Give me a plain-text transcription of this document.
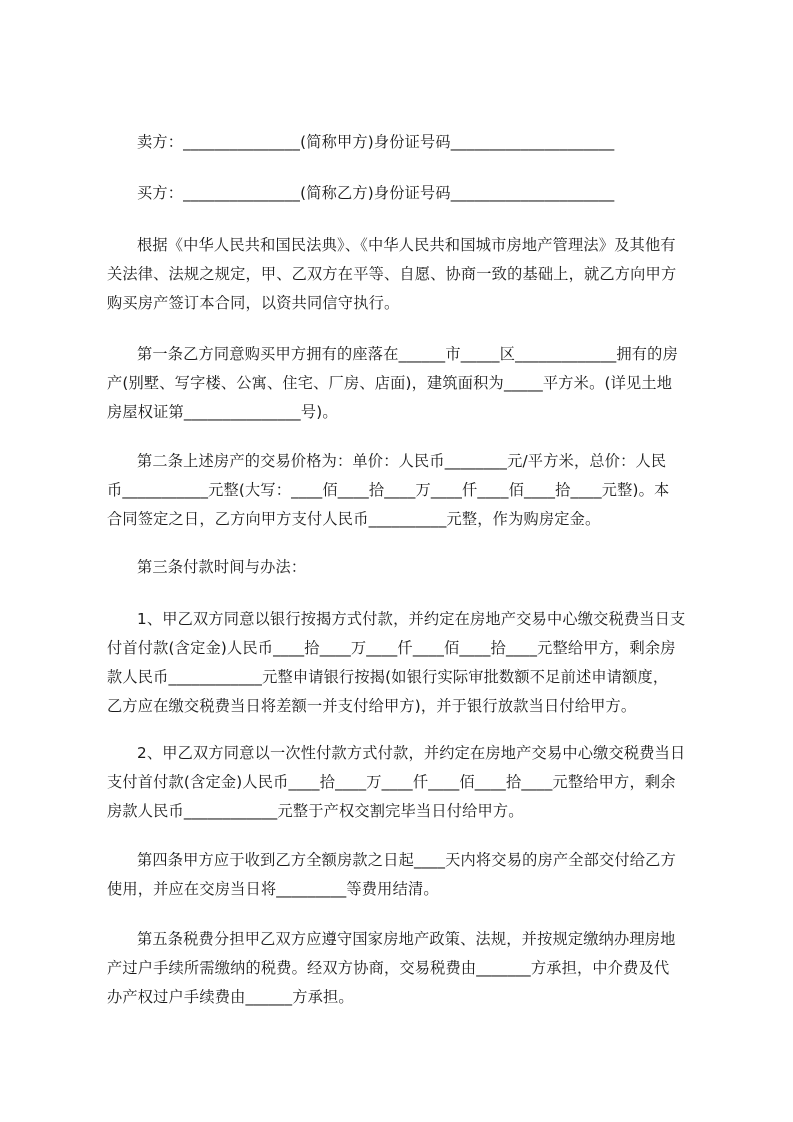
卖方：_______________(简称甲方)身份证号码_____________________
买方：_______________(简称乙方)身份证号码_____________________
根据《中华人民共和国民法典》、《中华人民共和国城市房地产管理法》及其他有
关法律、法规之规定，甲、乙双方在平等、自愿、协商一致的基础上，就乙方向甲方
购买房产签订本合同，以资共同信守执行。
第一条乙方同意购买甲方拥有的座落在______市_____区_____________拥有的房
产(别墅、写字楼、公寓、住宅、厂房、店面)，建筑面积为_____平方米。(详见土地
房屋权证第_______________号)。
第二条上述房产的交易价格为：单价：人民币________元/平方米，总价：人民
币___________元整(大写：____佰____拾____万____仟____佰____拾____元整)。本
合同签定之日，乙方向甲方支付人民币__________元整，作为购房定金。
第三条付款时间与办法：
1、甲乙双方同意以银行按揭方式付款，并约定在房地产交易中心缴交税费当日支
付首付款(含定金)人民币____拾____万____仟____佰____拾____元整给甲方，剩余房
款人民币____________元整申请银行按揭(如银行实际审批数额不足前述申请额度，
乙方应在缴交税费当日将差额一并支付给甲方)，并于银行放款当日付给甲方。
2、甲乙双方同意以一次性付款方式付款，并约定在房地产交易中心缴交税费当日
支付首付款(含定金)人民币____拾____万____仟____佰____拾____元整给甲方，剩余
房款人民币____________元整于产权交割完毕当日付给甲方。
第四条甲方应于收到乙方全额房款之日起____天内将交易的房产全部交付给乙方
使用，并应在交房当日将_________等费用结清。
第五条税费分担甲乙双方应遵守国家房地产政策、法规，并按规定缴纳办理房地
产过户手续所需缴纳的税费。经双方协商，交易税费由_______方承担，中介费及代
办产权过户手续费由______方承担。
